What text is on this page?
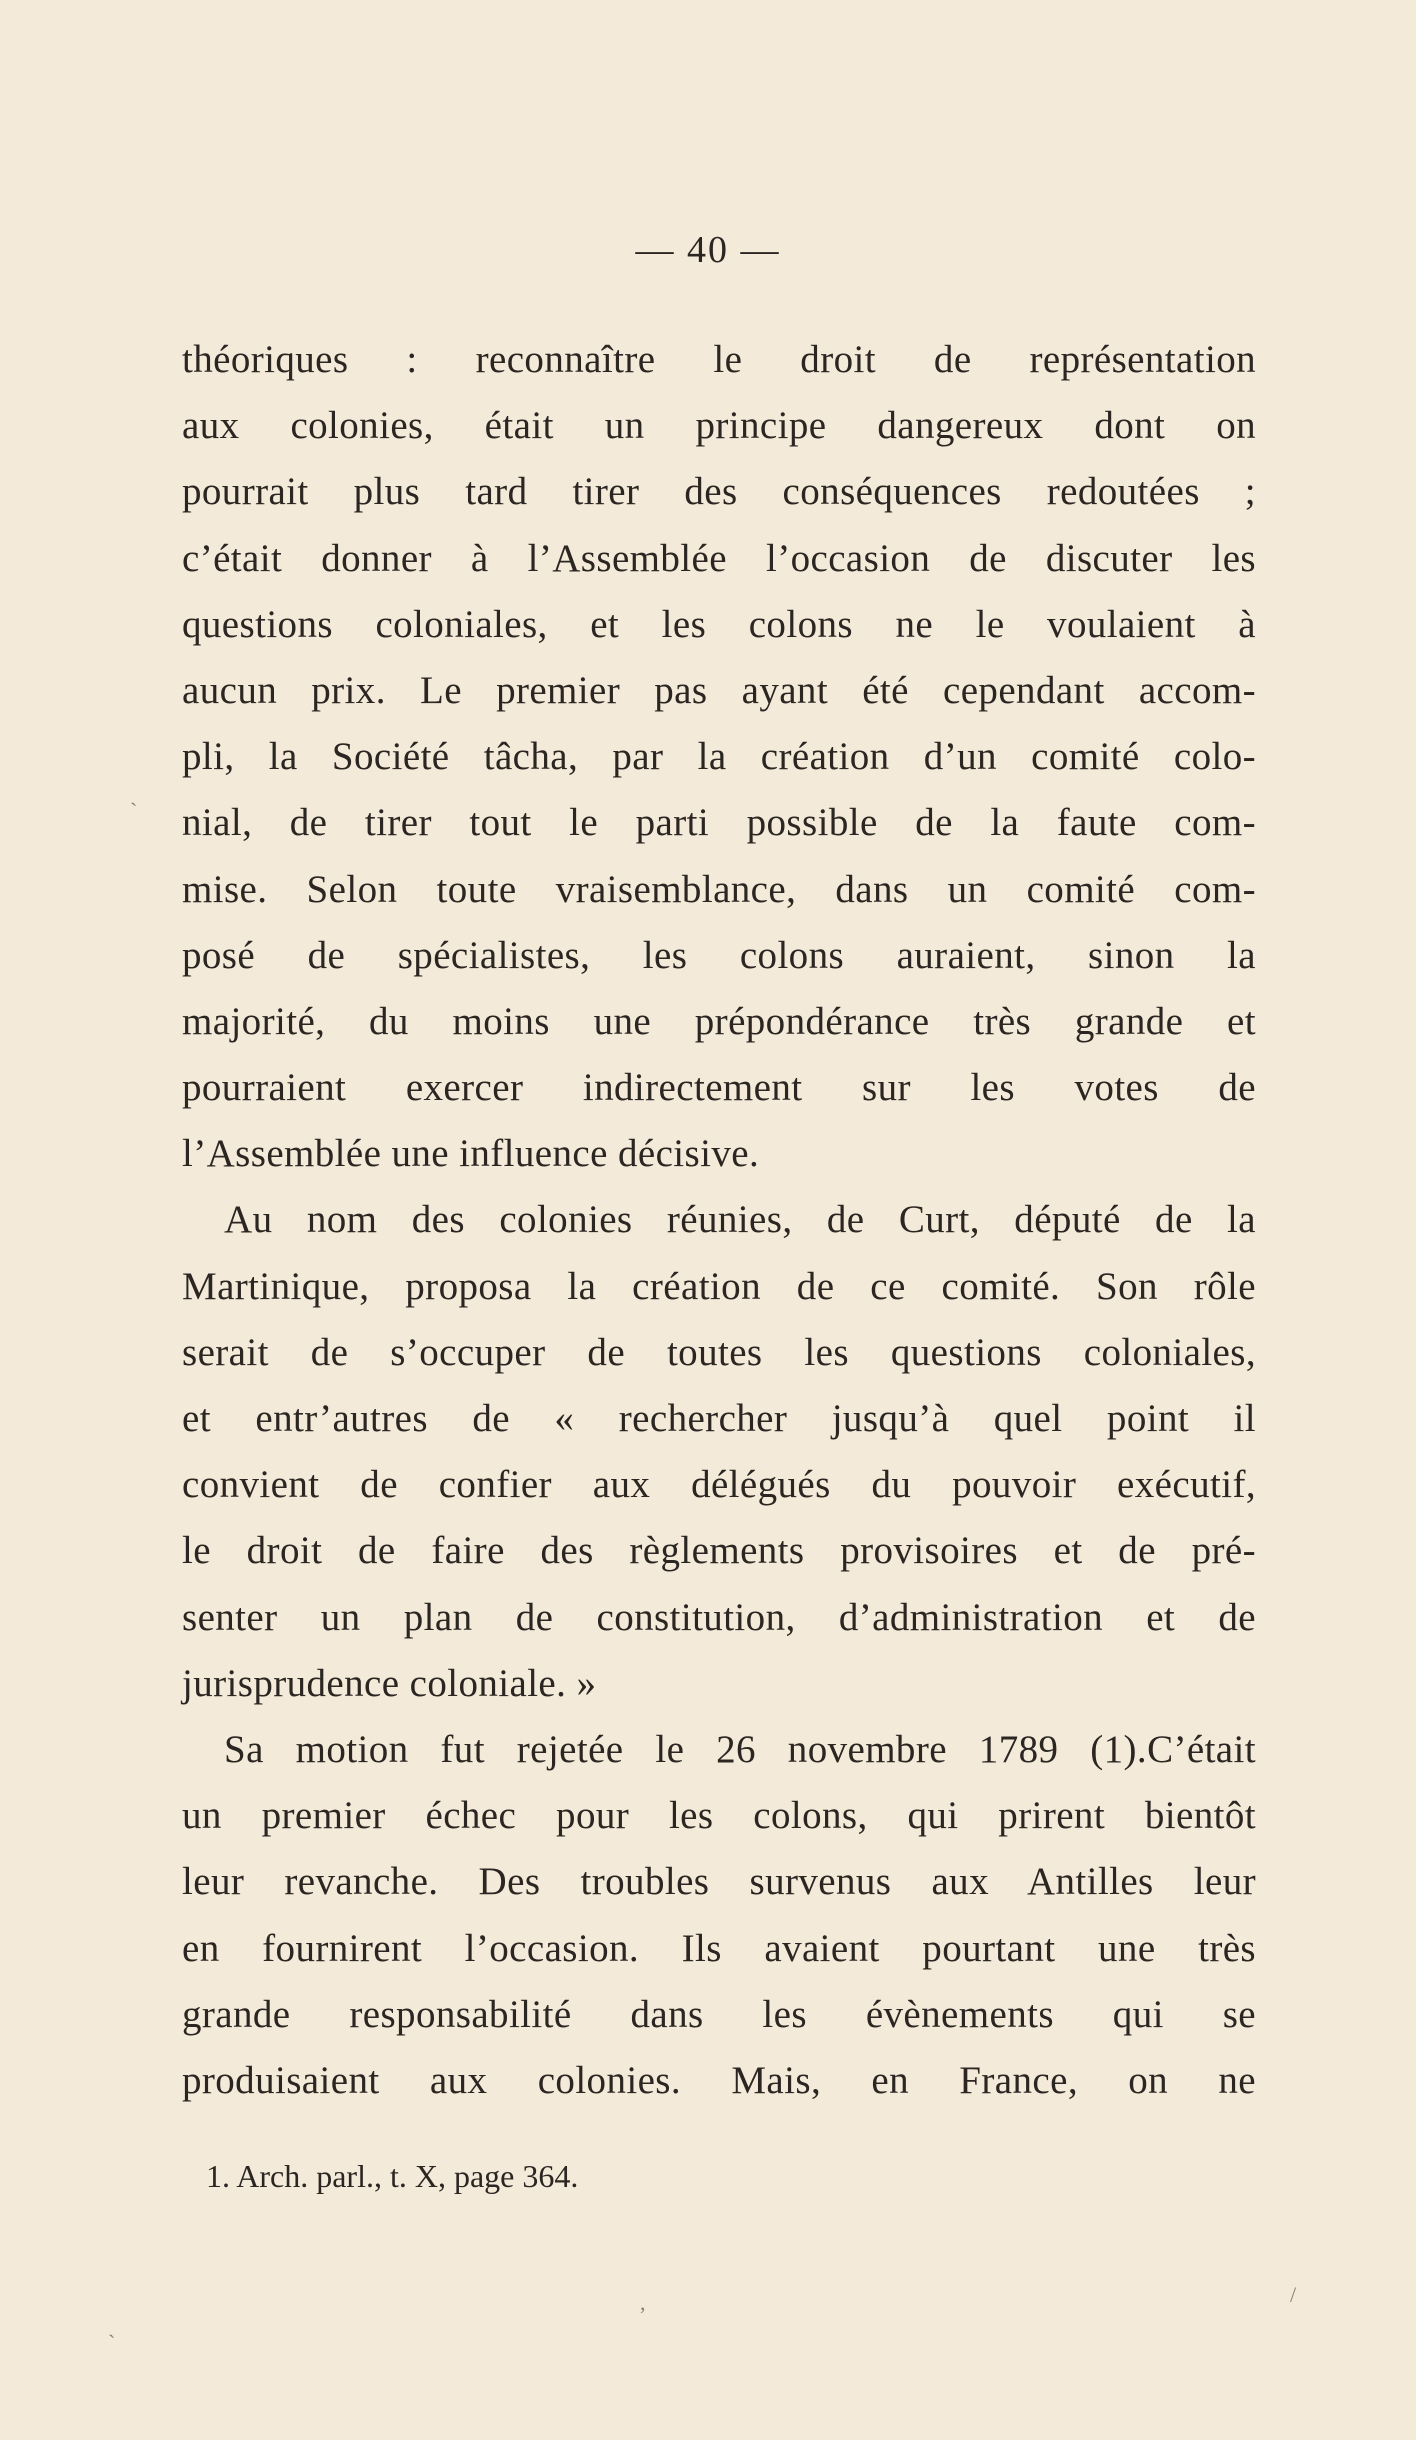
— 40 —
théoriques : reconnaître le droit de représentation
aux colonies, était un principe dangereux dont on
pourrait plus tard tirer des conséquences redoutées ;
c’était donner à l’Assemblée l’occasion de discuter les
questions coloniales, et les colons ne le voulaient à
aucun prix. Le premier pas ayant été cependant accom-
pli, la Société tâcha, par la création d’un comité colo-
nial, de tirer tout le parti possible de la faute com-
mise. Selon toute vraisemblance, dans un comité com-
posé de spécialistes, les colons auraient, sinon la
majorité, du moins une prépondérance très grande et
pourraient exercer indirectement sur les votes de
l’Assemblée une influence décisive.
Au nom des colonies réunies, de Curt, député de la
Martinique, proposa la création de ce comité. Son rôle
serait de s’occuper de toutes les questions coloniales,
et entr’autres de « rechercher jusqu’à quel point il
convient de confier aux délégués du pouvoir exécutif,
le droit de faire des règlements provisoires et de pré-
senter un plan de constitution, d’administration et de
jurisprudence coloniale. »
Sa motion fut rejetée le 26 novembre 1789 (1).C’était
un premier échec pour les colons, qui prirent bientôt
leur revanche. Des troubles survenus aux Antilles leur
en fournirent l’occasion. Ils avaient pourtant une très
grande responsabilité dans les évènements qui se
produisaient aux colonies. Mais, en France, on ne
1. Arch. parl., t. X, page 364.
`
,	/
`
